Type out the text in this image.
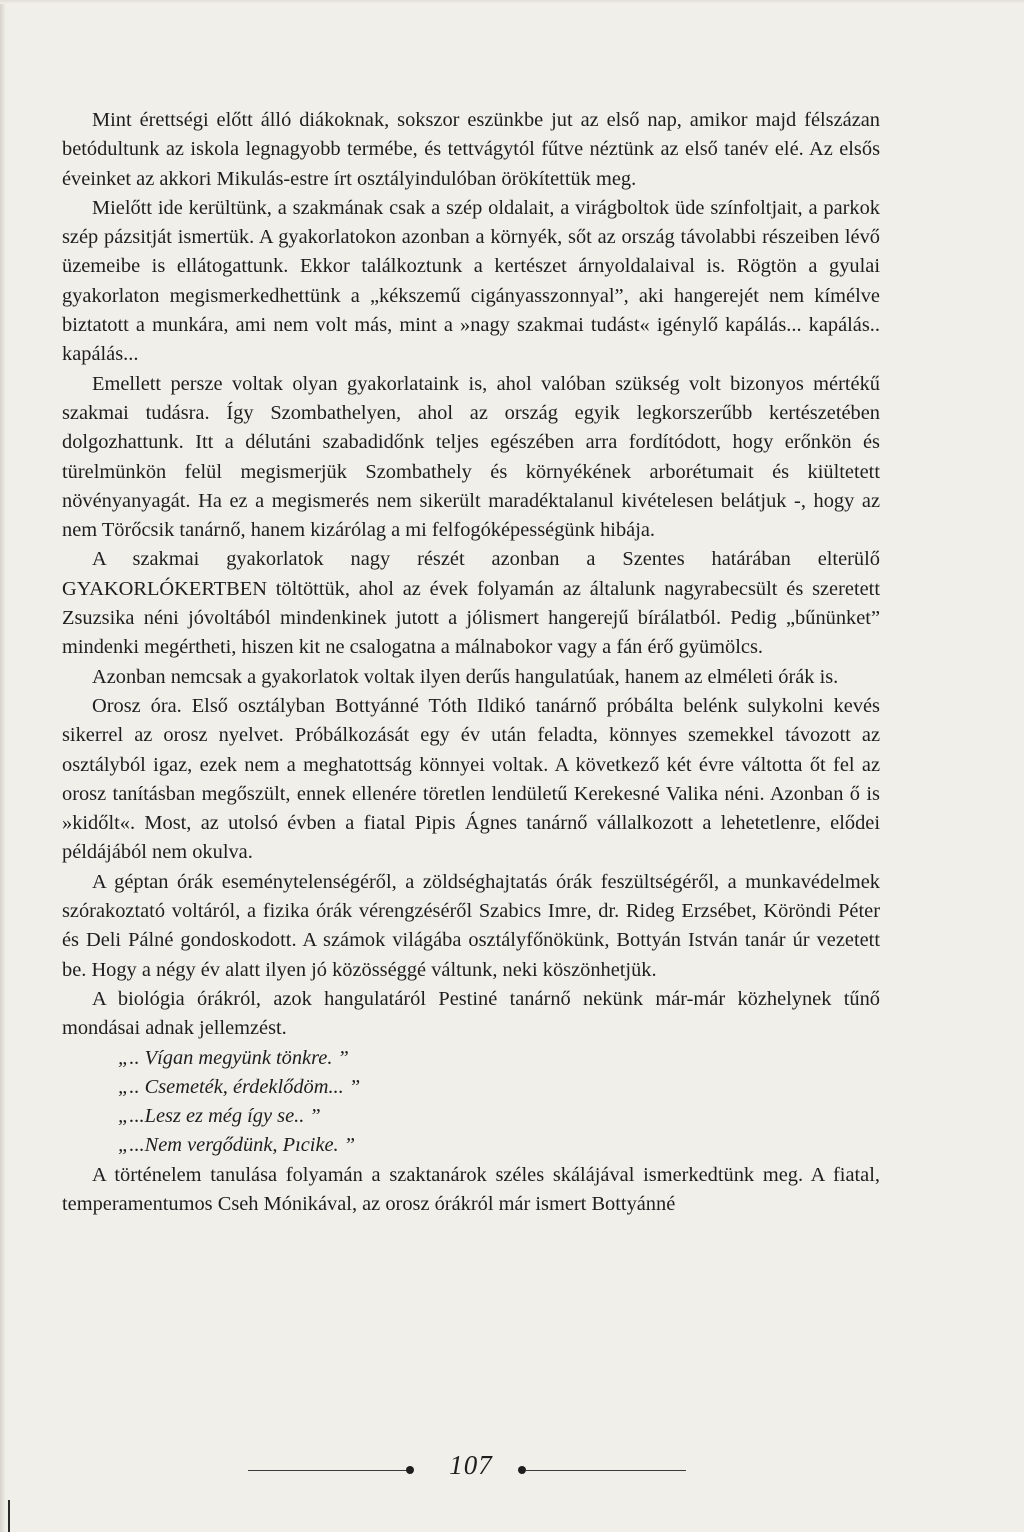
Mint érettségi előtt álló diákoknak, sokszor eszünkbe jut az első nap, amikor majd félszázan betódultunk az iskola legnagyobb termébe, és tettvágytól fűtve néztünk az első tanév elé. Az elsős éveinket az akkori Mikulás-estre írt osztályindulóban örökítettük meg.

Mielőtt ide kerültünk, a szakmának csak a szép oldalait, a virágboltok üde színfoltjait, a parkok szép pázsitját ismertük. A gyakorlatokon azonban a környék, sőt az ország távolabbi részeiben lévő üzemeibe is ellátogattunk. Ekkor találkoztunk a kertészet árnyoldalaival is. Rögtön a gyulai gyakorlaton megismerkedhettünk a „kékszemű cigányasszonnyal”, aki hangerejét nem kímélve biztatott a munkára, ami nem volt más, mint a »nagy szakmai tudást« igénylő kapálás... kapálás.. kapálás...

Emellett persze voltak olyan gyakorlataink is, ahol valóban szükség volt bizonyos mértékű szakmai tudásra. Így Szombathelyen, ahol az ország egyik legkorszerűbb kertészetében dolgozhattunk. Itt a délutáni szabadidőnk teljes egészében arra fordítódott, hogy erőnkön és türelmünkön felül megismerjük Szombathely és környékének arborétumait és kiültetett növényanyagát. Ha ez a megismerés nem sikerült maradéktalanul kivételesen belátjuk -, hogy az nem Törőcsik tanárnő, hanem kizárólag a mi felfogóképességünk hibája.

A szakmai gyakorlatok nagy részét azonban a Szentes határában elterülő GYAKORLÓKERTBEN töltöttük, ahol az évek folyamán az általunk nagyrabecsült és szeretett Zsuzsika néni jóvoltából mindenkinek jutott a jólismert hangerejű bírálatból. Pedig „bűnünket” mindenki megértheti, hiszen kit ne csalogatna a málnabokor vagy a fán érő gyümölcs.

Azonban nemcsak a gyakorlatok voltak ilyen derűs hangulatúak, hanem az elméleti órák is.

Orosz óra. Első osztályban Bottyánné Tóth Ildikó tanárnő próbálta belénk sulykolni kevés sikerrel az orosz nyelvet. Próbálkozását egy év után feladta, könnyes szemekkel távozott az osztályból igaz, ezek nem a meghatottság könnyei voltak. A következő két évre váltotta őt fel az orosz tanításban megőszült, ennek ellenére töretlen lendületű Kerekesné Valika néni. Azonban ő is »kidőlt«. Most, az utolsó évben a fiatal Pipis Ágnes tanárnő vállalkozott a lehetetlenre, elődei példájából nem okulva.

A géptan órák eseménytelenségéről, a zöldséghajtatás órák feszültségéről, a munkavédelmek szórakoztató voltáról, a fizika órák vérengzéséről Szabics Imre, dr. Rideg Erzsébet, Köröndi Péter és Deli Pálné gondoskodott. A számok világába osztályfőnökünk, Bottyán István tanár úr vezetett be. Hogy a négy év alatt ilyen jó közösséggé váltunk, neki köszönhetjük.

A biológia órákról, azok hangulatáról Pestiné tanárnő nekünk már-már közhelynek tűnő mondásai adnak jellemzést.

„.. Vígan megyünk tönkre. ”

„.. Csemeték, érdeklődöm... ”

„...Lesz ez még így se.. ”

„...Nem vergődünk, Pıcike. ”

A történelem tanulása folyamán a szaktanárok széles skálájával ismerkedtünk meg. A fiatal, temperamentumos Cseh Mónikával, az orosz órákról már ismert Bottyánné

107
